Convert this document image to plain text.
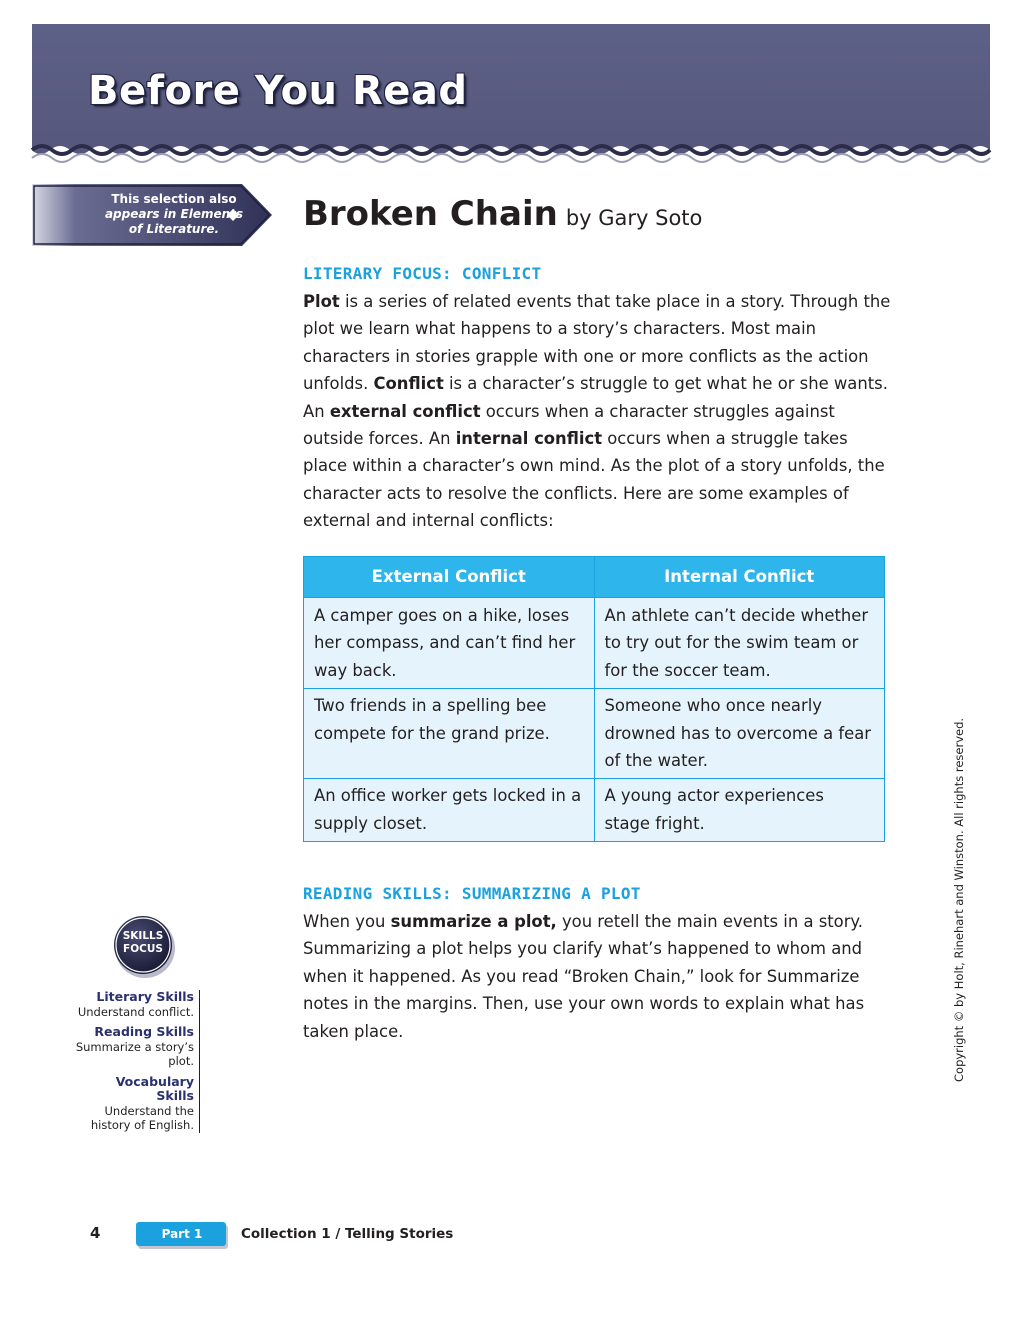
Before You Read
This selection also
appears in Elements
of Literature.	Broken Chain by Gary Soto
LITERARY FOCUS: CONFLICT
Plot is a series of related events that take place in a story. Through the plot we learn what happens to a story’s characters. Most main characters in stories grapple with one or more conflicts as the action unfolds. Conflict is a character’s struggle to get what he or she wants. An external conflict occurs when a character struggles against outside forces. An internal conflict occurs when a struggle takes place within a character’s own mind. As the plot of a story unfolds, the character acts to resolve the conflicts. Here are some examples of external and internal conflicts:
External Conflict	Internal Conflict
A camper goes on a hike, loses her compass, and can’t find her way back.	An athlete can’t decide whether to try out for the swim team or for the soccer team.
Two friends in a spelling bee compete for the grand prize.	Someone who once nearly drowned has to overcome a fear of the water.
An office worker gets locked in a supply closet.	A young actor experiences stage fright.
READING SKILLS: SUMMARIZING A PLOT
When you summarize a plot, you retell the main events in a story. Summarizing a plot helps you clarify what’s happened to whom and when it happened. As you read “Broken Chain,” look for Summarize notes in the margins. Then, use your own words to explain what has taken place.
SKILLS
FOCUS
Literary Skills
Understand conflict.
Reading Skills
Summarize a story’s plot.
Vocabulary Skills
Understand the history of English.
Copyright © by Holt, Rinehart and Winston. All rights reserved.
4	Part 1	Collection 1 / Telling Stories
